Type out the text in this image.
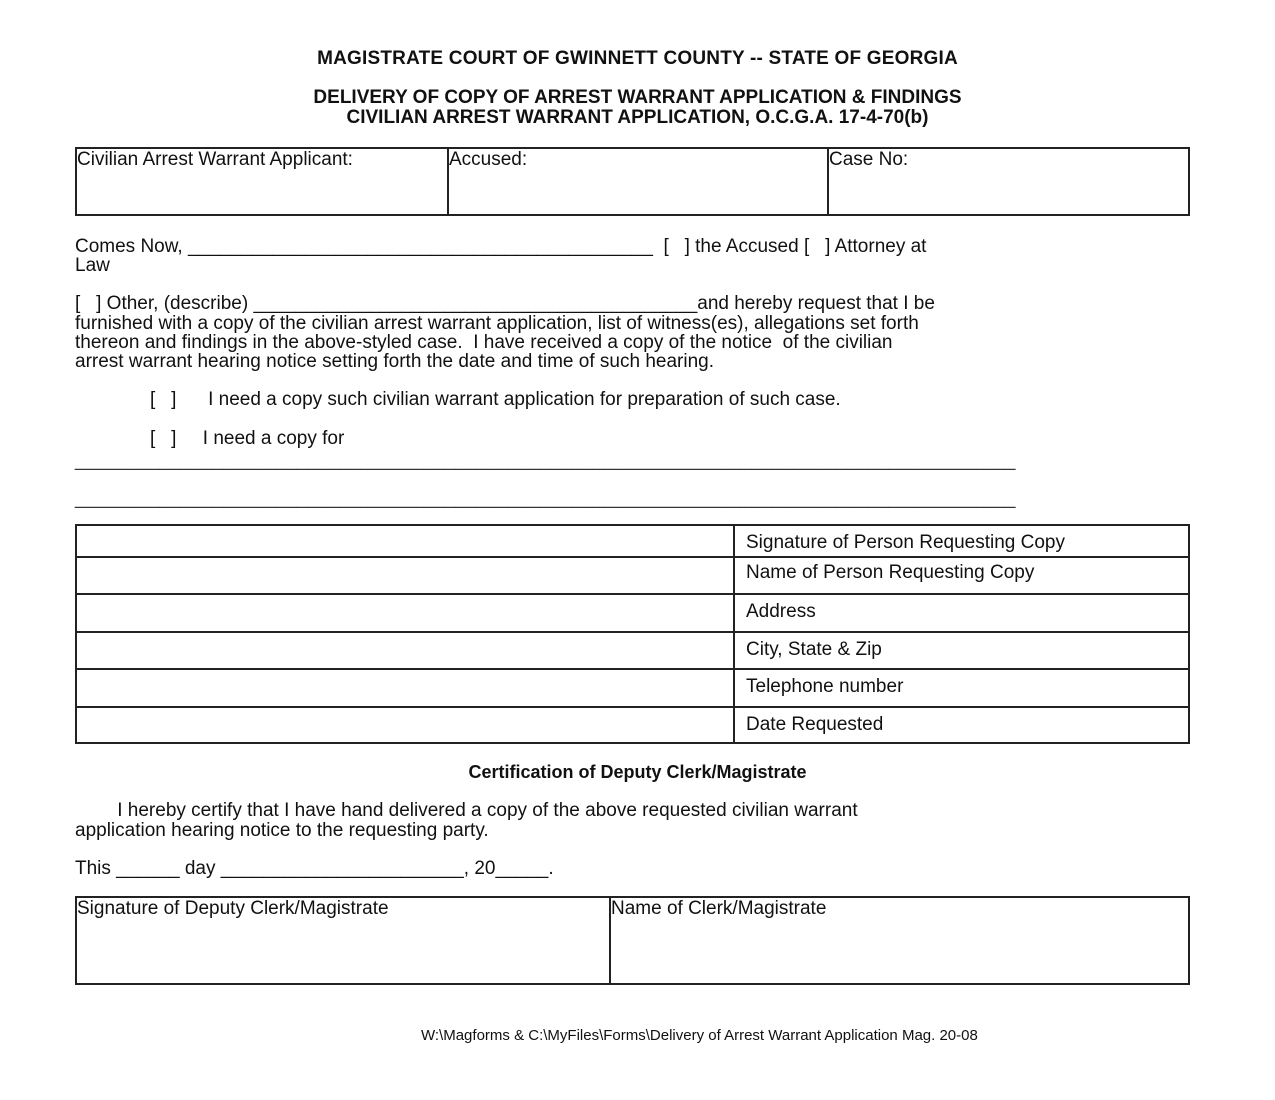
MAGISTRATE COURT OF GWINNETT COUNTY -- STATE OF GEORGIA
DELIVERY OF COPY OF ARREST WARRANT APPLICATION & FINDINGS
CIVILIAN ARREST WARRANT APPLICATION, O.C.G.A. 17-4-70(b)
Civilian Arrest Warrant Applicant:	Accused:	Case No:
Comes Now, ____________________________________________  [   ] the Accused [   ] Attorney at
Law
[   ] Other, (describe) __________________________________________and hereby request that I be
furnished with a copy of the civilian arrest warrant application, list of witness(es), allegations set forth
thereon and findings in the above-styled case.  I have received a copy of the notice  of the civilian
arrest warrant hearing notice setting forth the date and time of such hearing.
[   ]      I need a copy such civilian warrant application for preparation of such case.
[   ]     I need a copy for
_________________________________________________________________________________________
_________________________________________________________________________________________
	Signature of Person Requesting Copy
	Name of Person Requesting Copy
	Address
	City, State & Zip
	Telephone number
	Date Requested
Certification of Deputy Clerk/Magistrate
I hereby certify that I have hand delivered a copy of the above requested civilian warrant
application hearing notice to the requesting party.
This ______ day _______________________, 20_____.
Signature of Deputy Clerk/Magistrate	Name of Clerk/Magistrate
W:\Magforms & C:\MyFiles\Forms\Delivery of Arrest Warrant Application Mag. 20-08
